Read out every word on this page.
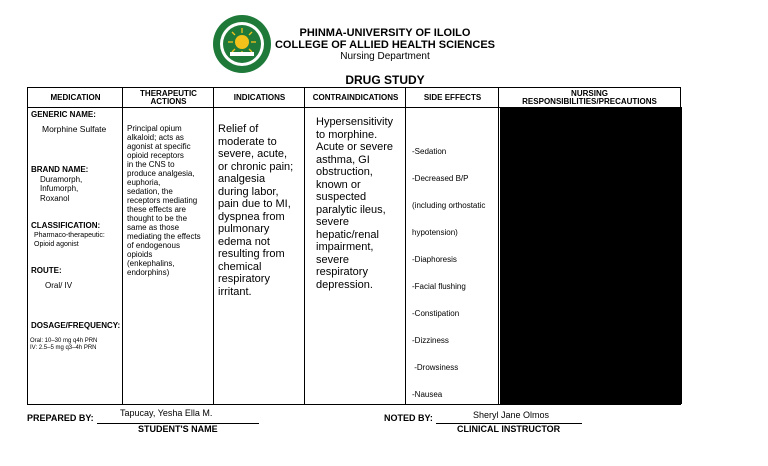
PHINMA-UNIVERSITY OF ILOILO
COLLEGE OF ALLIED HEALTH SCIENCES
Nursing Department
DRUG STUDY
MEDICATION
GENERIC NAME:
Morphine Sulfate
BRAND NAME:
Duramorph,
Infumorph,
Roxanol
CLASSIFICATION:
Pharmaco-therapeutic:
Opioid agonist
ROUTE:
Oral/ IV
DOSAGE/FREQUENCY:
Oral: 10–30 mg q4h PRN
IV: 2.5–5 mg q3–4h PRN
THERAPEUTIC
ACTIONS
Principal opium
alkaloid; acts as
agonist at specific
opioid receptors
in the CNS to
produce analgesia,
euphoria,
sedation, the
receptors mediating
these effects are
thought to be the
same as those
mediating the effects
of endogenous
opioids
(enkephalins,
endorphins)
INDICATIONS
Relief of
moderate to
severe, acute,
or chronic pain;
analgesia
during labor,
pain due to MI,
dyspnea from
pulmonary
edema not
resulting from
chemical
respiratory
irritant.
CONTRAINDICATIONS
Hypersensitivity
to morphine.
Acute or severe
asthma, GI
obstruction,
known or
suspected
paralytic ileus,
severe
hepatic/renal
impairment,
severe
respiratory
depression.
SIDE EFFECTS

-Sedation

-Decreased B/P

(including orthostatic

hypotension)

-Diaphoresis

-Facial flushing

-Constipation

-Dizziness

-Drowsiness

-Nausea

NURSING
RESPONSIBILITIES/PRECAUTIONS
PREPARED BY:	Tapucay, Yesha Ella M.
STUDENT'S NAME
NOTED BY:	Sheryl Jane Olmos
CLINICAL INSTRUCTOR
